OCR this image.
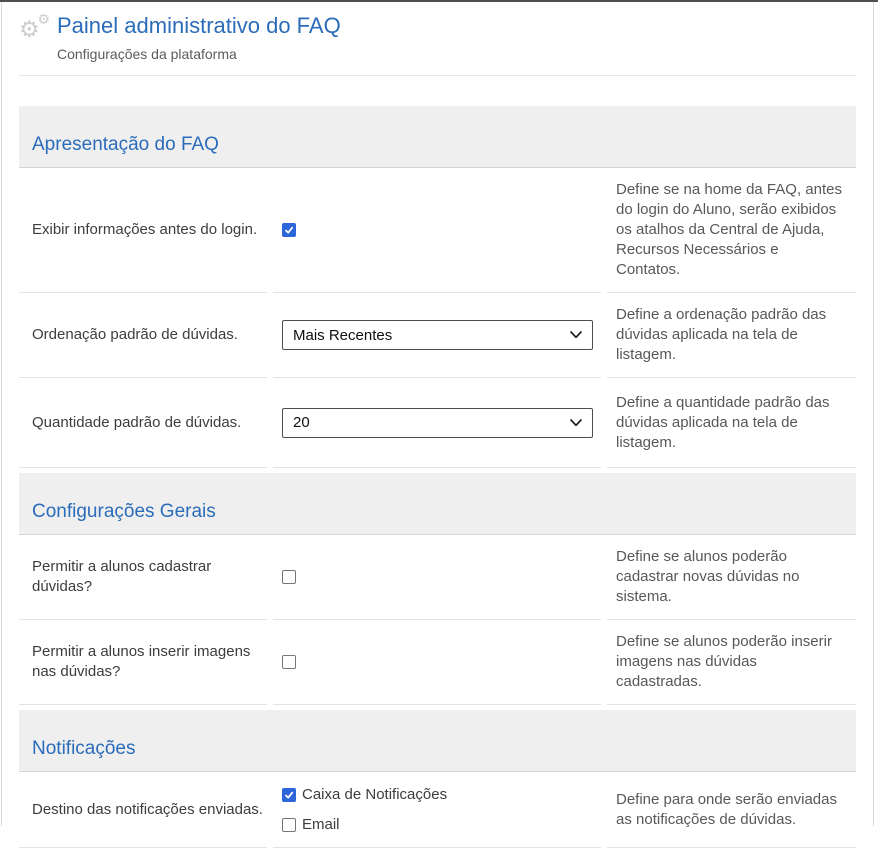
⚙
⚙ Painel administrativo do FAQ
Configurações da plataforma
Apresentação do FAQ
Exibir informações antes do login.
Define se na home da FAQ, antes do login do Aluno, serão exibidos os atalhos da Central de Ajuda, Recursos Necessários e Contatos.
Ordenação padrão de dúvidas.	Mais Recentes
Define a ordenação padrão das dúvidas aplicada na tela de listagem.
Quantidade padrão de dúvidas.	20
Define a quantidade padrão das dúvidas aplicada na tela de listagem.
Configurações Gerais
Permitir a alunos cadastrar dúvidas?
Define se alunos poderão cadastrar novas dúvidas no sistema.
Permitir a alunos inserir imagens nas dúvidas?
Define se alunos poderão inserir imagens nas dúvidas cadastradas.
Notificações
Destino das notificações enviadas.
Caixa de Notificações
Email
Define para onde serão enviadas as notificações de dúvidas.
